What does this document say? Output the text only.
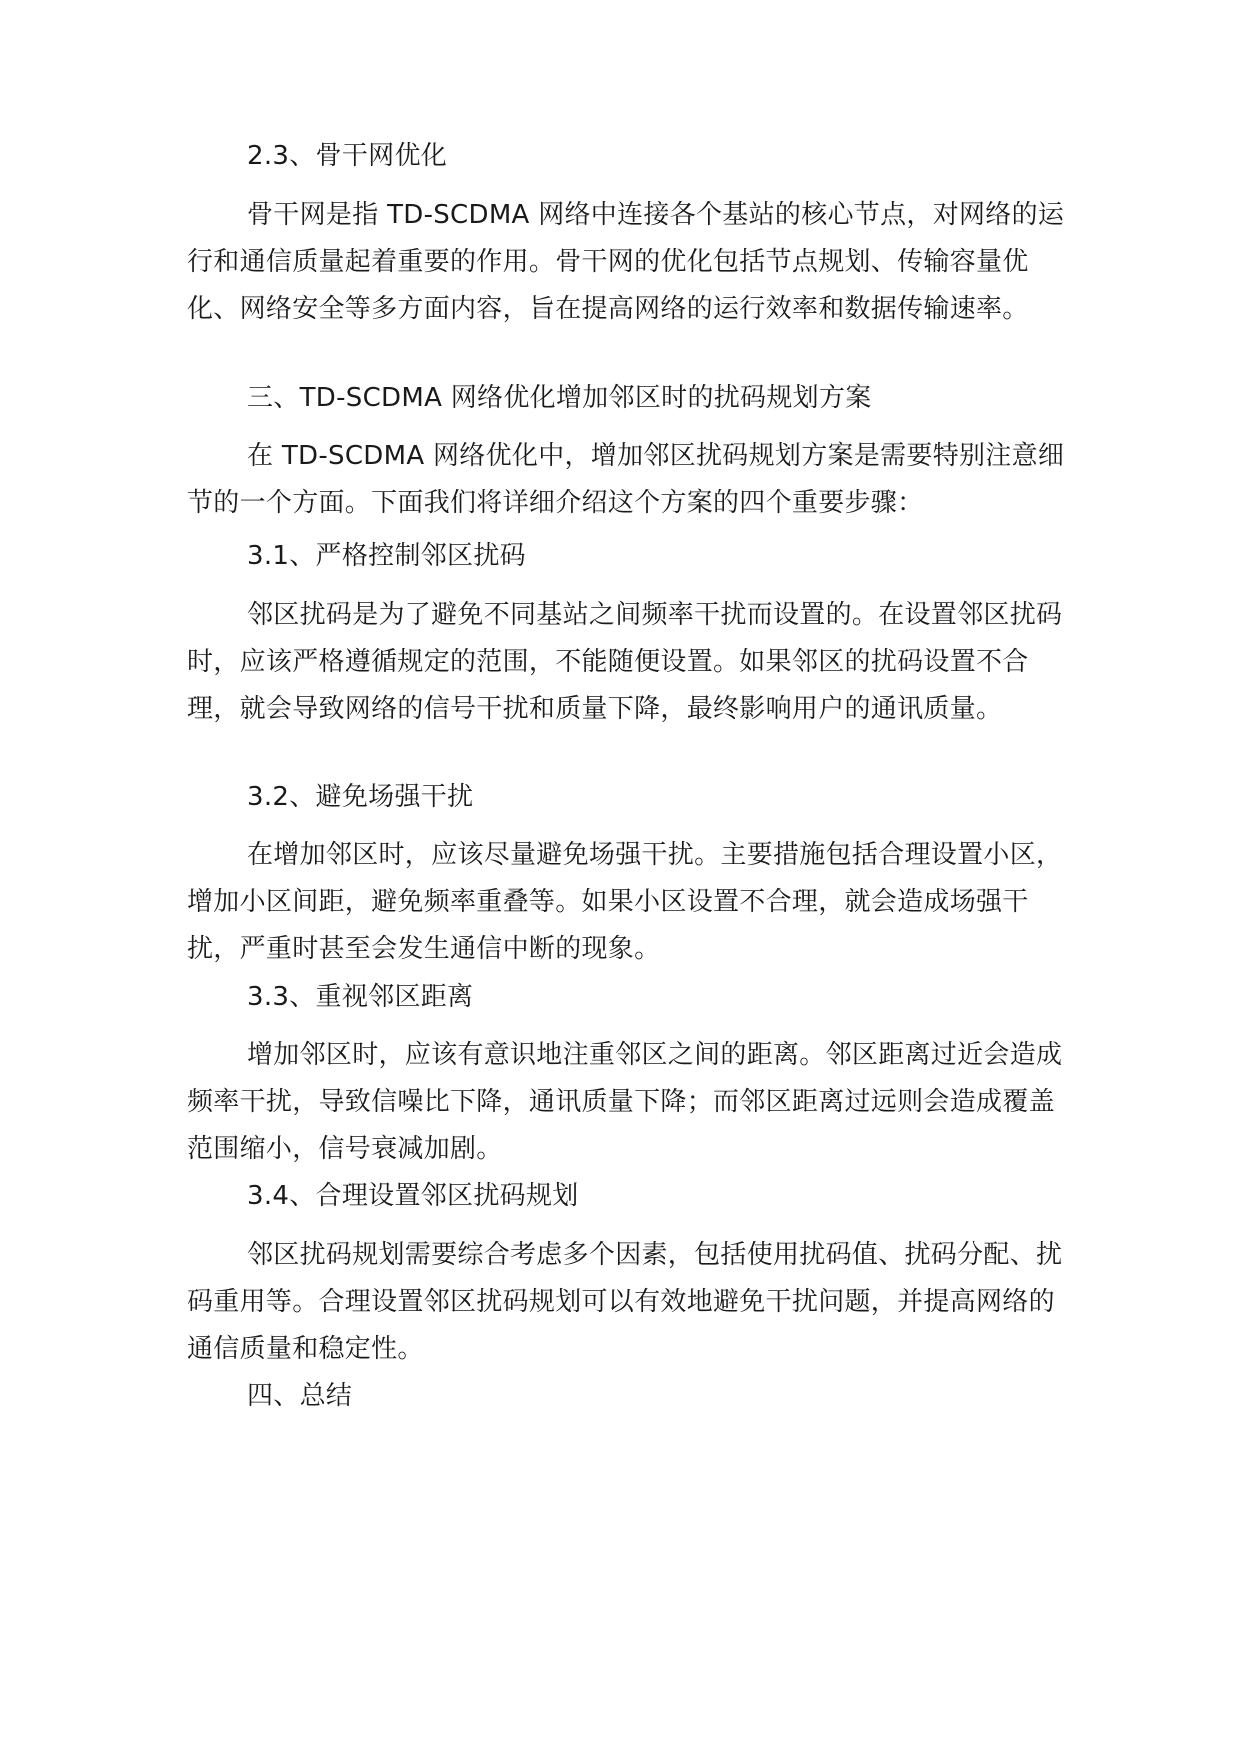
2.3、骨干网优化

骨干网是指 TD-SCDMA 网络中连接各个基站的核心节点，对网络的运行和通信质量起着重要的作用。骨干网的优化包括节点规划、传输容量优化、网络安全等多方面内容，旨在提高网络的运行效率和数据传输速率。

三、TD-SCDMA 网络优化增加邻区时的扰码规划方案

在 TD-SCDMA 网络优化中，增加邻区扰码规划方案是需要特别注意细节的一个方面。下面我们将详细介绍这个方案的四个重要步骤：

3.1、严格控制邻区扰码

邻区扰码是为了避免不同基站之间频率干扰而设置的。在设置邻区扰码时，应该严格遵循规定的范围，不能随便设置。如果邻区的扰码设置不合理，就会导致网络的信号干扰和质量下降，最终影响用户的通讯质量。

3.2、避免场强干扰

在增加邻区时，应该尽量避免场强干扰。主要措施包括合理设置小区，增加小区间距，避免频率重叠等。如果小区设置不合理，就会造成场强干扰，严重时甚至会发生通信中断的现象。

3.3、重视邻区距离

增加邻区时，应该有意识地注重邻区之间的距离。邻区距离过近会造成频率干扰，导致信噪比下降，通讯质量下降；而邻区距离过远则会造成覆盖范围缩小，信号衰减加剧。

3.4、合理设置邻区扰码规划

邻区扰码规划需要综合考虑多个因素，包括使用扰码值、扰码分配、扰码重用等。合理设置邻区扰码规划可以有效地避免干扰问题，并提高网络的通信质量和稳定性。

四、总结
